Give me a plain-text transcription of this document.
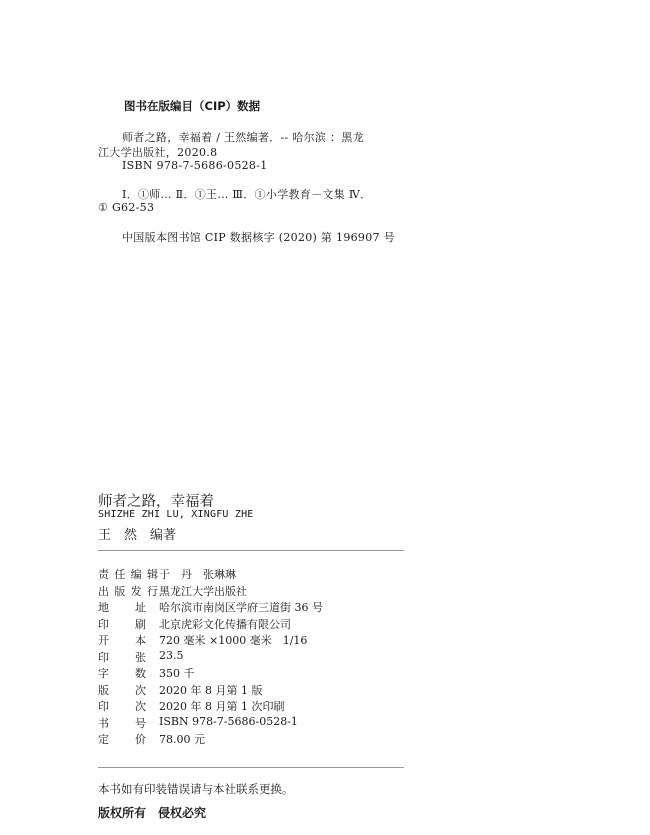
图书在版编目（CIP）数据
师者之路，幸福着 / 王然编著．-- 哈尔滨 ：黑龙
江大学出版社，2020.8
ISBN 978-7-5686-0528-1
Ⅰ．①师… Ⅱ．①王… Ⅲ．①小学教育－文集 Ⅳ．
① G62-53
中国版本图书馆 CIP 数据核字 (2020) 第 196907 号
师者之路，幸福着
SHIZHE ZHI LU, XINGFU ZHE
王　然　编著
责 任 编 辑 于　丹　张琳琳
出 版 发 行 黑龙江大学出版社
地 址 哈尔滨市南岗区学府三道街 36 号
印 刷 北京虎彩文化传播有限公司
开 本 720 毫米 ×1000 毫米　1/16
印 张 23.5
字 数 350 千
版 次 2020 年 8 月第 1 版
印 次 2020 年 8 月第 1 次印刷
书 号 ISBN 978-7-5686-0528-1
定 价 78.00 元
本书如有印装错误请与本社联系更换。
版权所有　侵权必究
